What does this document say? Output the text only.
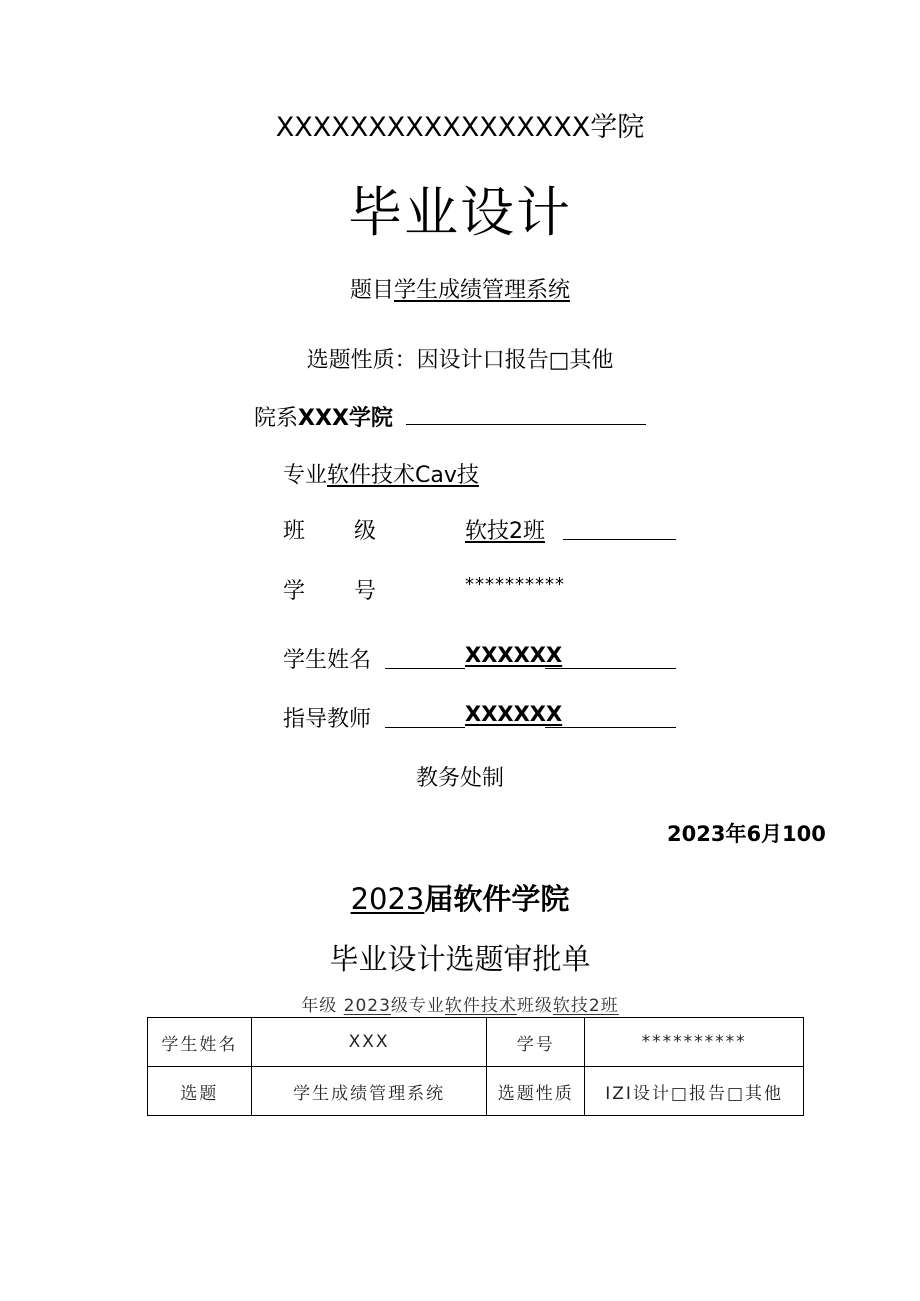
XXXXXXXXXXXXXXXXX学院
毕业设计
题目学生成绩管理系统
选题性质：因设计口报告□其他
院系XXX学院
专业软件技术Cav技
班 级	软技2班
学 号	**********
学生姓名	XXXXXX
指导教师	XXXXXX
教务处制
2023年6月100
2023届软件学院
毕业设计选题审批单
年级 2023级专业软件技术班级软技2班
学生姓名	XXX	学号	**********
选题	学生成绩管理系统	选题性质	IZI设计□报告□其他
